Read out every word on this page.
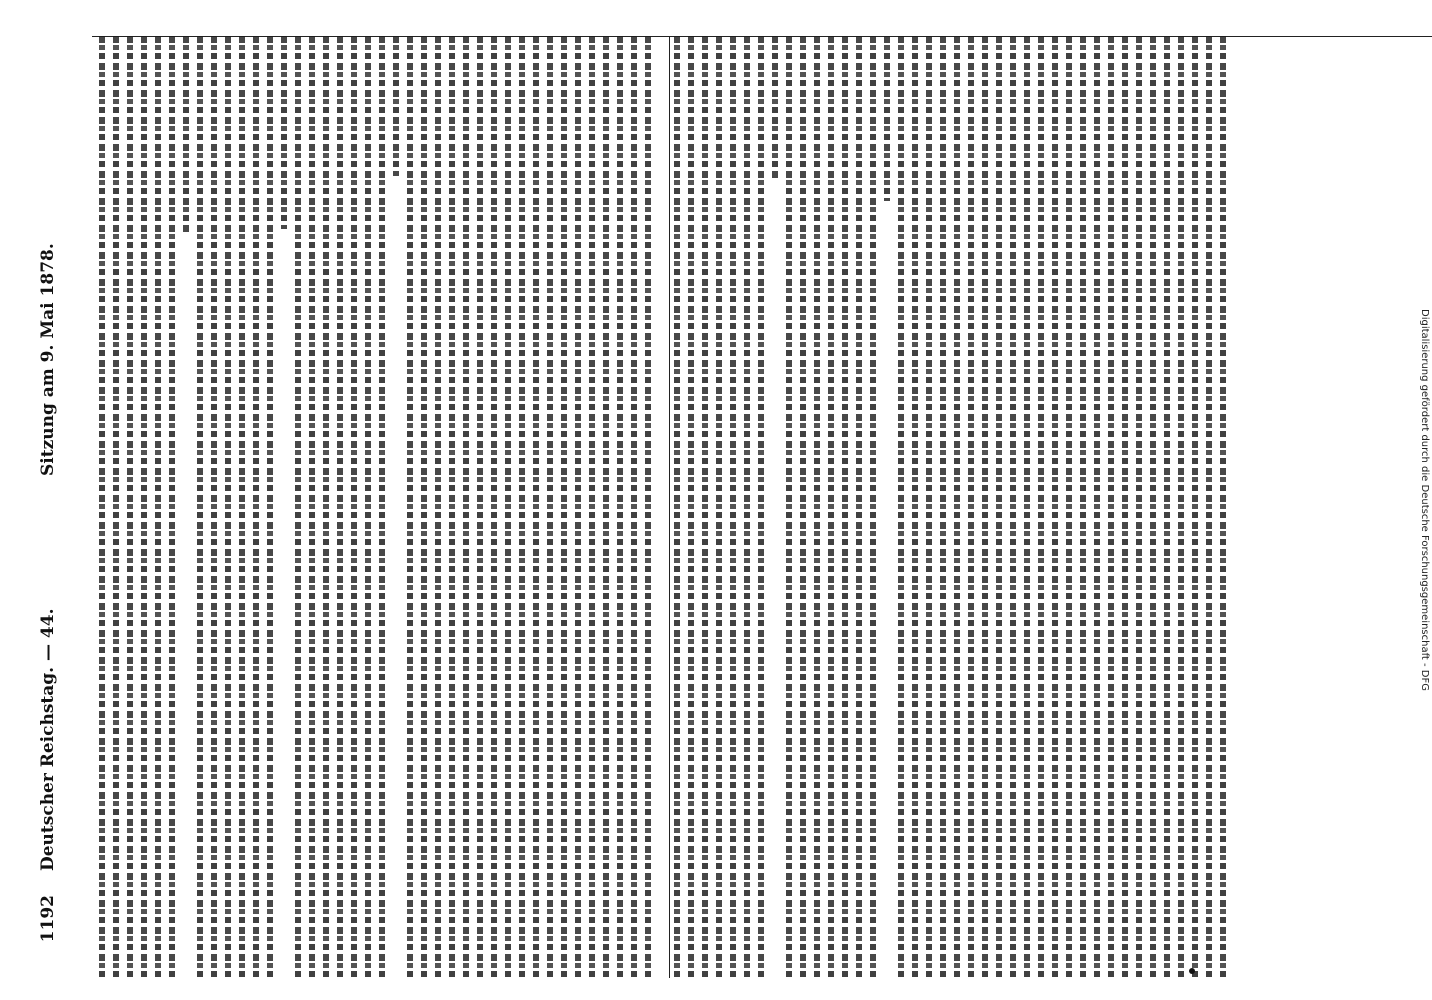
1192
Deutscher Reichstag. — 44.
Sitzung am 9. Mai 1878.	Digitalisierung gefördert durch die Deutsche Forschungsgemeinschaft - DFG
